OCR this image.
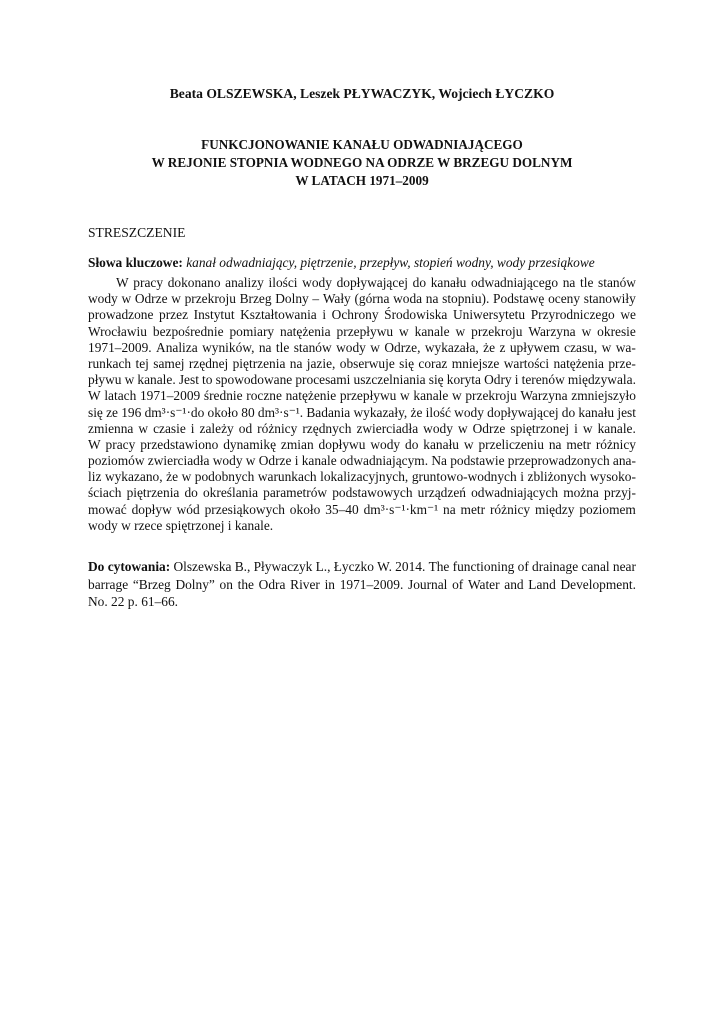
Beata OLSZEWSKA, Leszek PŁYWACZYK, Wojciech ŁYCZKO
FUNKCJONOWANIE KANAŁU ODWADNIAJĄCEGO
W REJONIE STOPNIA WODNEGO NA ODRZE W BRZEGU DOLNYM
W LATACH 1971–2009
STRESZCZENIE
Słowa kluczowe: kanał odwadniający, piętrzenie, przepływ, stopień wodny, wody przesiąkowe
W pracy dokonano analizy ilości wody dopływającej do kanału odwadniającego na tle stanów
wody w Odrze w przekroju Brzeg Dolny – Wały (górna woda na stopniu). Podstawę oceny stanowiły
prowadzone przez Instytut Kształtowania i Ochrony Środowiska Uniwersytetu Przyrodniczego we
Wrocławiu bezpośrednie pomiary natężenia przepływu w kanale w przekroju Warzyna w okresie
1971–2009. Analiza wyników, na tle stanów wody w Odrze, wykazała, że z upływem czasu, w wa-
runkach tej samej rzędnej piętrzenia na jazie, obserwuje się coraz mniejsze wartości natężenia prze-
pływu w kanale. Jest to spowodowane procesami uszczelniania się koryta Odry i terenów międzywala.
W latach 1971–2009 średnie roczne natężenie przepływu w kanale w przekroju Warzyna zmniejszyło
się ze 196 dm³·s⁻¹·do około 80 dm³·s⁻¹. Badania wykazały, że ilość wody dopływającej do kanału jest
zmienna w czasie i zależy od różnicy rzędnych zwierciadła wody w Odrze spiętrzonej i w kanale.
W pracy przedstawiono dynamikę zmian dopływu wody do kanału w przeliczeniu na metr różnicy
poziomów zwierciadła wody w Odrze i kanale odwadniającym. Na podstawie przeprowadzonych ana-
liz wykazano, że w podobnych warunkach lokalizacyjnych, gruntowo-wodnych i zbliżonych wysoko-
ściach piętrzenia do określania parametrów podstawowych urządzeń odwadniających można przyj-
mować dopływ wód przesiąkowych około 35–40 dm³·s⁻¹·km⁻¹ na metr różnicy między poziomem
wody w rzece spiętrzonej i kanale.
Do cytowania: Olszewska B., Pływaczyk L., Łyczko W. 2014. The functioning of drainage canal near
barrage “Brzeg Dolny” on the Odra River in 1971–2009. Journal of Water and Land Development.
No. 22 p. 61–66.
